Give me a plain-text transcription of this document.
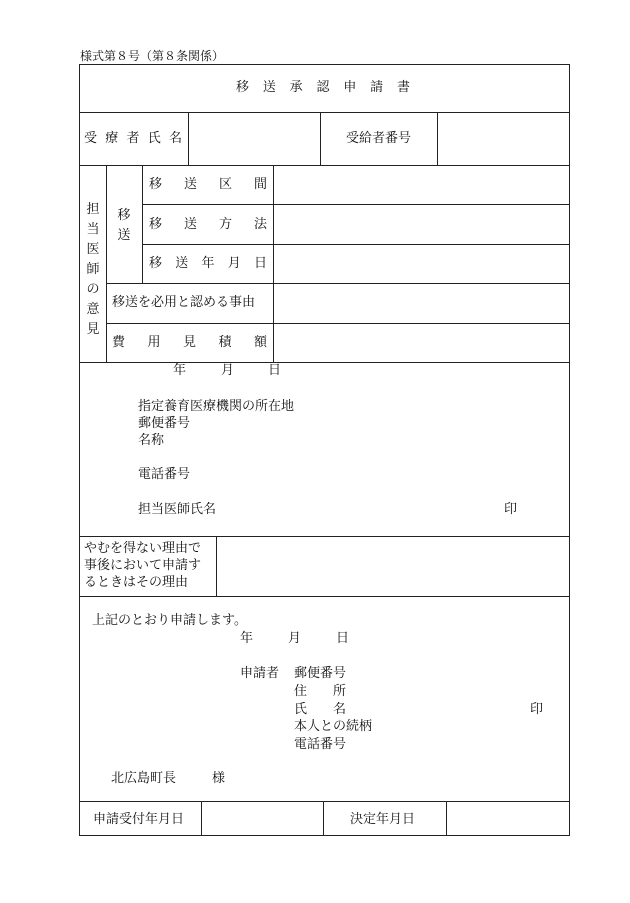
様式第８号（第８条関係）
移 送 承 認 申 請 書
受 療 者 氏 名	受給者番号
担
当
医
師
の
意
見
移
送
移 送 区 間
移 送 方 法
移 送 年 月 日
移送を必用と認める事由
費 用 見 積 額
年	月	日
指定養育医療機関の所在地
郵便番号
名称
電話番号
担当医師氏名	印
やむを得ない理由で
事後において申請す
るときはその理由
上記のとおり申請します。
年	月	日
申請者 郵便番号
住 所
氏 名	印
本人との続柄
電話番号
北広島町長	様
申請受付年月日	決定年月日
